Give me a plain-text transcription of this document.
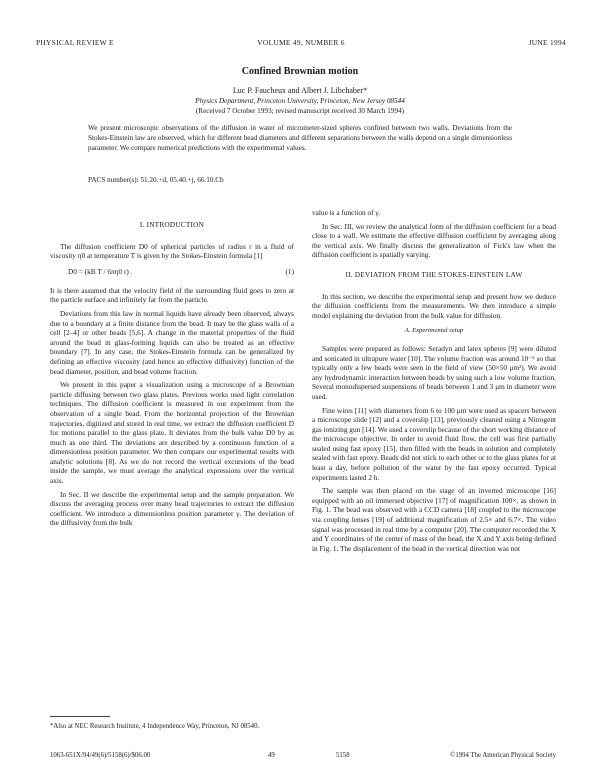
PHYSICAL REVIEW E	VOLUME 49, NUMBER 6	JUNE 1994
Confined Brownian motion
Luc P. Faucheux and Albert J. Libchaber*
Physics Department, Princeton University, Princeton, New Jersey 08544
(Received 7 October 1993; revised manuscript received 30 March 1994)
We present microscopic observations of the diffusion in water of micrometer-sized spheres confined between two walls. Deviations from the Stokes-Einstein law are observed, which for different bead diameters and different separations between the walls depend on a single dimensionless parameter. We compare numerical predictions with the experimental values.
PACS number(s): 51.20.+d, 05.40.+j, 66.10.Cb
I. INTRODUCTION

The diffusion coefficient D0 of spherical particles of radius r in a fluid of viscosity η0 at temperature T is given by the Stokes-Einstein formula [1]

D0 = (kB T / 6πη0 r) .	(1)

It is there assumed that the velocity field of the surrounding fluid goes to zero at the particle surface and infinitely far from the particle.

Deviations from this law in normal liquids have already been observed, always due to a boundary at a finite distance from the bead. It may be the glass walls of a cell [2–4] or other beads [5,6]. A change in the material properties of the fluid around the bead in glass-forming liquids can also be treated as an effective boundary [7]. In any case, the Stokes-Einstein formula can be generalized by defining an effective viscosity (and hence an effective diffusivity) function of the bead diameter, position, and bead volume fraction.

We present in this paper a visualization using a microscope of a Brownian particle diffusing between two glass plates. Previous works used light correlation techniques. The diffusion coefficient is measured in our experiment from the observation of a single bead. From the horizontal projection of the Brownian trajectories, digitized and stored in real time, we extract the diffusion coefficient D for motions parallel to the glass plate. It deviates from the bulk value D0 by as much as one third. The deviations are described by a continuous function of a dimensionless position parameter. We then compare our experimental results with analytic solutions [8]. As we do not record the vertical excursions of the bead inside the sample, we must average the analytical expressions over the vertical axis.

In Sec. II we describe the experimental setup and the sample preparation. We discuss the averaging process over many bead trajectories to extract the diffusion coefficient. We introduce a dimensionless position parameter γ. The deviation of the diffusivity from the bulk

*Also at NEC Research Institute, 4 Independence Way, Princeton, NJ 08540.

value is a function of γ.

In Sec. III, we review the analytical form of the diffusion coefficient for a bead close to a wall. We estimate the effective diffusion coefficient by averaging along the vertical axis. We finally discuss the generalization of Fick's law when the diffusion coefficient is spatially varying.

II. DEVIATION FROM THE STOKES-EINSTEIN LAW

In this section, we describe the experimental setup and present how we deduce the diffusion coefficients from the measurements. We then introduce a simple model explaining the deviation from the bulk value for diffusion.

A. Experimental setup

Samples were prepared as follows: Seradyn and latex spheres [9] were diluted and sonicated in ultrapure water [10]. The volume fraction was around 10⁻⁵ so that typically only a few beads were seen in the field of view (50×50 μm²). We avoid any hydrodynamic interaction between beads by using such a low volume fraction. Several monodispersed suspensions of beads between 1 and 3 μm in diameter were used.

Fine wires [11] with diameters from 6 to 100 μm were used as spacers between a microscope slide [12] and a coverslip [13], previously cleaned using a Nitrogent gas ionizing gun [14]. We used a coverslip because of the short working distance of the microscope objective. In order to avoid fluid flow, the cell was first partially sealed using fast epoxy [15], then filled with the beads in solution and completely sealed with fast epoxy. Beads did not stick to each other or to the glass plates for at least a day, before pollution of the water by the fast epoxy occurred. Typical experiments lasted 2 h.

The sample was then placed on the stage of an inverted microscope [16] equipped with an oil immersed objective [17] of magnification 100×, as shown in Fig. 1. The bead was observed with a CCD camera [18] coupled to the microscope via coupling lenses [19] of additional magnification of 2.5× and 6.7×. The video signal was processed in real time by a computer [20]. The computer recorded the X and Y coordinates of the center of mass of the bead, the X and Y axis being defined in Fig. 1. The displacement of the bead in the vertical direction was not

1063-651X/94/49(6)/5158(6)/$06.00	49	5158	©1994 The American Physical Society
